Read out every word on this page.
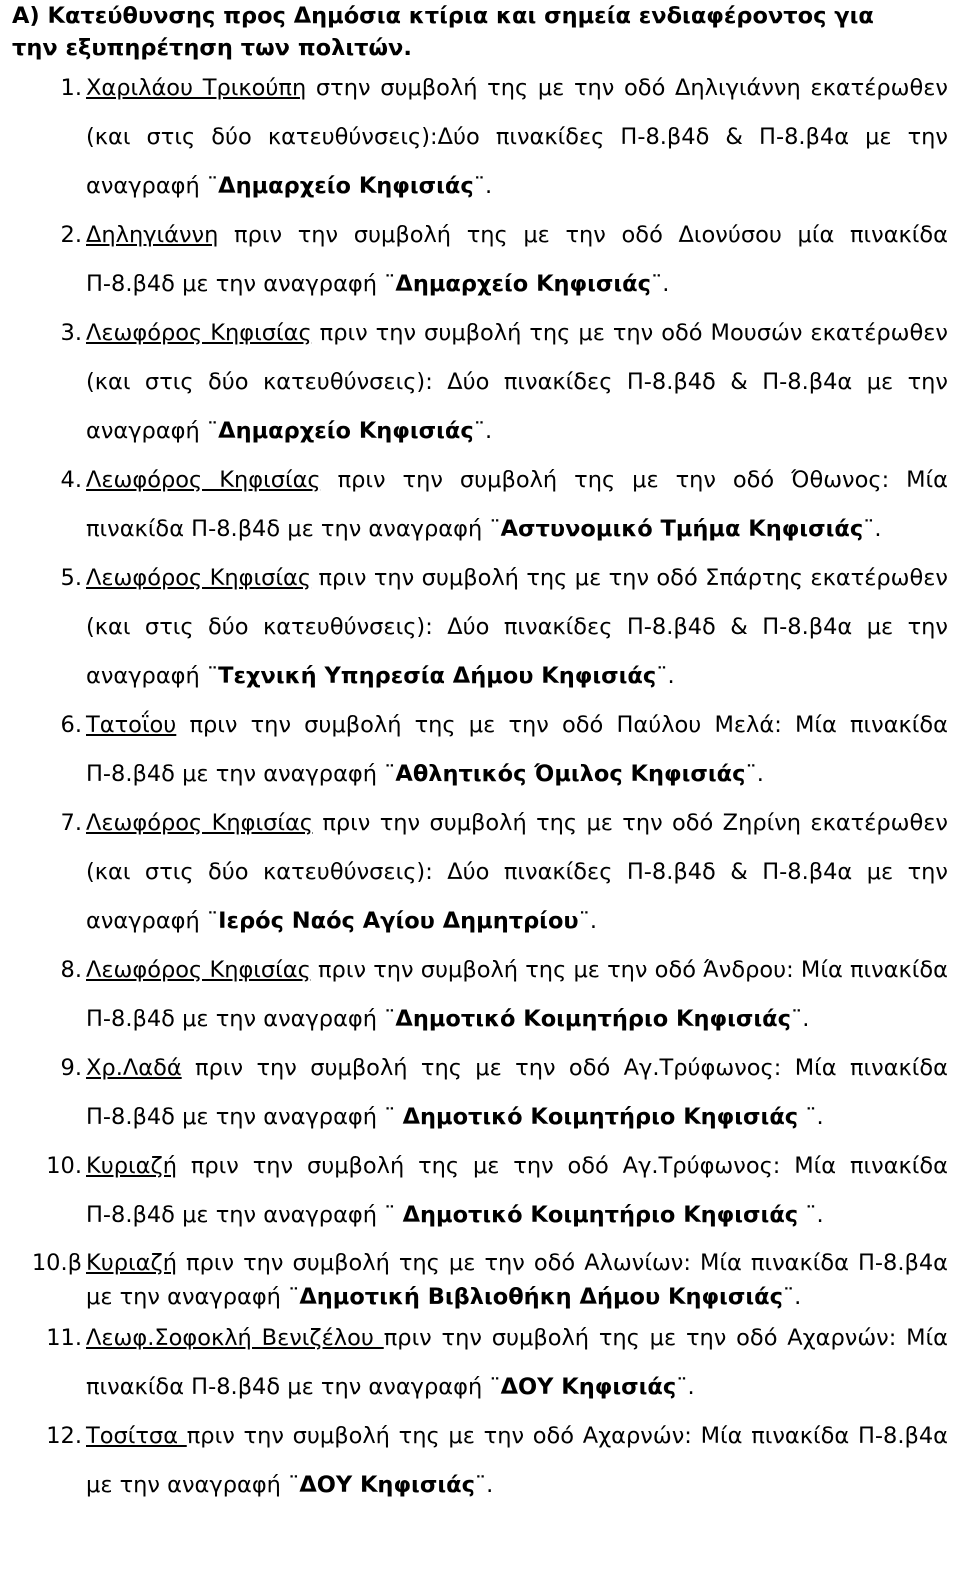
A) Κατεύθυνσης προς Δημόσια κτίρια και σημεία ενδιαφέροντος για
την εξυπηρέτηση των πολιτών.
1. Χαριλάου Τρικούπη στην συμβολή της με την οδό Δηλιγιάννη εκατέρωθεν (και στις δύο κατευθύνσεις):Δύο πινακίδες Π-8.β4δ & Π-8.β4α με την αναγραφή ¨Δημαρχείο Κηφισιάς¨.
2. Δηληγιάννη πριν την συμβολή της με την οδό Διονύσου μία πινακίδα Π-8.β4δ με την αναγραφή ¨Δημαρχείο Κηφισιάς¨.
3. Λεωφόρος Κηφισίας πριν την συμβολή της με την οδό Μουσών εκατέρωθεν (και στις δύο κατευθύνσεις): Δύο πινακίδες Π-8.β4δ & Π-8.β4α με την αναγραφή ¨Δημαρχείο Κηφισιάς¨.
4. Λεωφόρος Κηφισίας πριν την συμβολή της με την οδό Όθωνος: Μία πινακίδα Π-8.β4δ με την αναγραφή ¨Αστυνομικό Τμήμα Κηφισιάς¨.
5. Λεωφόρος Κηφισίας πριν την συμβολή της με την οδό Σπάρτης εκατέρωθεν (και στις δύο κατευθύνσεις): Δύο πινακίδες Π-8.β4δ & Π-8.β4α με την αναγραφή ¨Τεχνική Υπηρεσία Δήμου Κηφισιάς¨.
6. Τατοΐου πριν την συμβολή της με την οδό Παύλου Μελά: Μία πινακίδα Π-8.β4δ με την αναγραφή ¨Αθλητικός Όμιλος Κηφισιάς¨.
7. Λεωφόρος Κηφισίας πριν την συμβολή της με την οδό Ζηρίνη εκατέρωθεν (και στις δύο κατευθύνσεις): Δύο πινακίδες Π-8.β4δ & Π-8.β4α με την αναγραφή ¨Ιερός Ναός Αγίου Δημητρίου¨.
8. Λεωφόρος Κηφισίας πριν την συμβολή της με την οδό Άνδρου: Μία πινακίδα Π-8.β4δ με την αναγραφή ¨Δημοτικό Κοιμητήριο Κηφισιάς¨.
9. Χρ.Λαδά πριν την συμβολή της με την οδό Αγ.Τρύφωνος: Μία πινακίδα Π-8.β4δ με την αναγραφή ¨ Δημοτικό Κοιμητήριο Κηφισιάς ¨.
10. Κυριαζή πριν την συμβολή της με την οδό Αγ.Τρύφωνος: Μία πινακίδα Π-8.β4δ με την αναγραφή ¨ Δημοτικό Κοιμητήριο Κηφισιάς ¨.
10.β Κυριαζή πριν την συμβολή της με την οδό Αλωνίων: Μία πινακίδα Π-8.β4α με την αναγραφή ¨Δημοτική Βιβλιοθήκη Δήμου Κηφισιάς¨.
11. Λεωφ.Σοφοκλή Βενιζέλου πριν την συμβολή της με την οδό Αχαρνών: Μία πινακίδα Π-8.β4δ με την αναγραφή ¨ΔΟΥ Κηφισιάς¨.
12. Τοσίτσα πριν την συμβολή της με την οδό Αχαρνών: Μία πινακίδα Π-8.β4α με την αναγραφή ¨ΔΟΥ Κηφισιάς¨.
